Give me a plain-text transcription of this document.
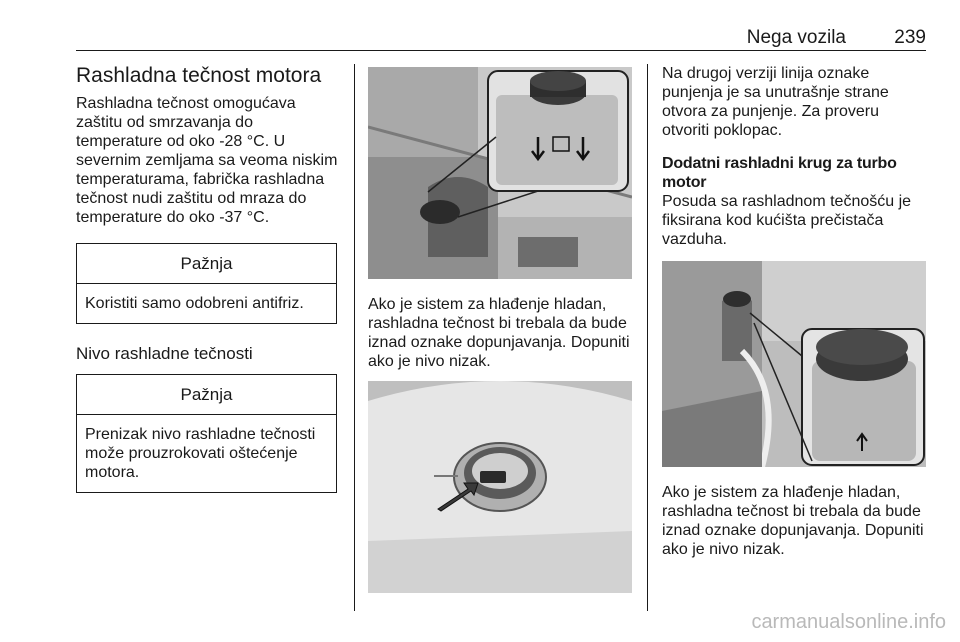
Nega vozila	239
Rashladna tečnost motora

Rashladna tečnost omogućava zaštitu od smrzavanja do temperature od oko -28 °C. U severnim zemljama sa veoma niskim temperaturama, fabrička rashladna tečnost nudi zaštitu od mraza do temperature do oko -37 °C.

Pažnja
Koristiti samo odobreni antifriz.
Nivo rashladne tečnosti
Pažnja
Prenizak nivo rashladne tečnosti može prouzrokovati oštećenje motora.

Ako je sistem za hlađenje hladan, rashladna tečnost bi trebala da bude iznad oznake dopunjavanja. Dopuniti ako je nivo nizak.

Na drugoj verziji linija oznake punjenja je sa unutrašnje strane otvora za punjenje. Za proveru otvoriti poklopac.

Dodatni rashladni krug za turbo motor

Posuda sa rashladnom tečnošću je fiksirana kod kućišta prečistača vazduha.

Ako je sistem za hlađenje hladan, rashladna tečnost bi trebala da bude iznad oznake dopunjavanja. Dopuniti ako je nivo nizak.

carmanualsonline.info
